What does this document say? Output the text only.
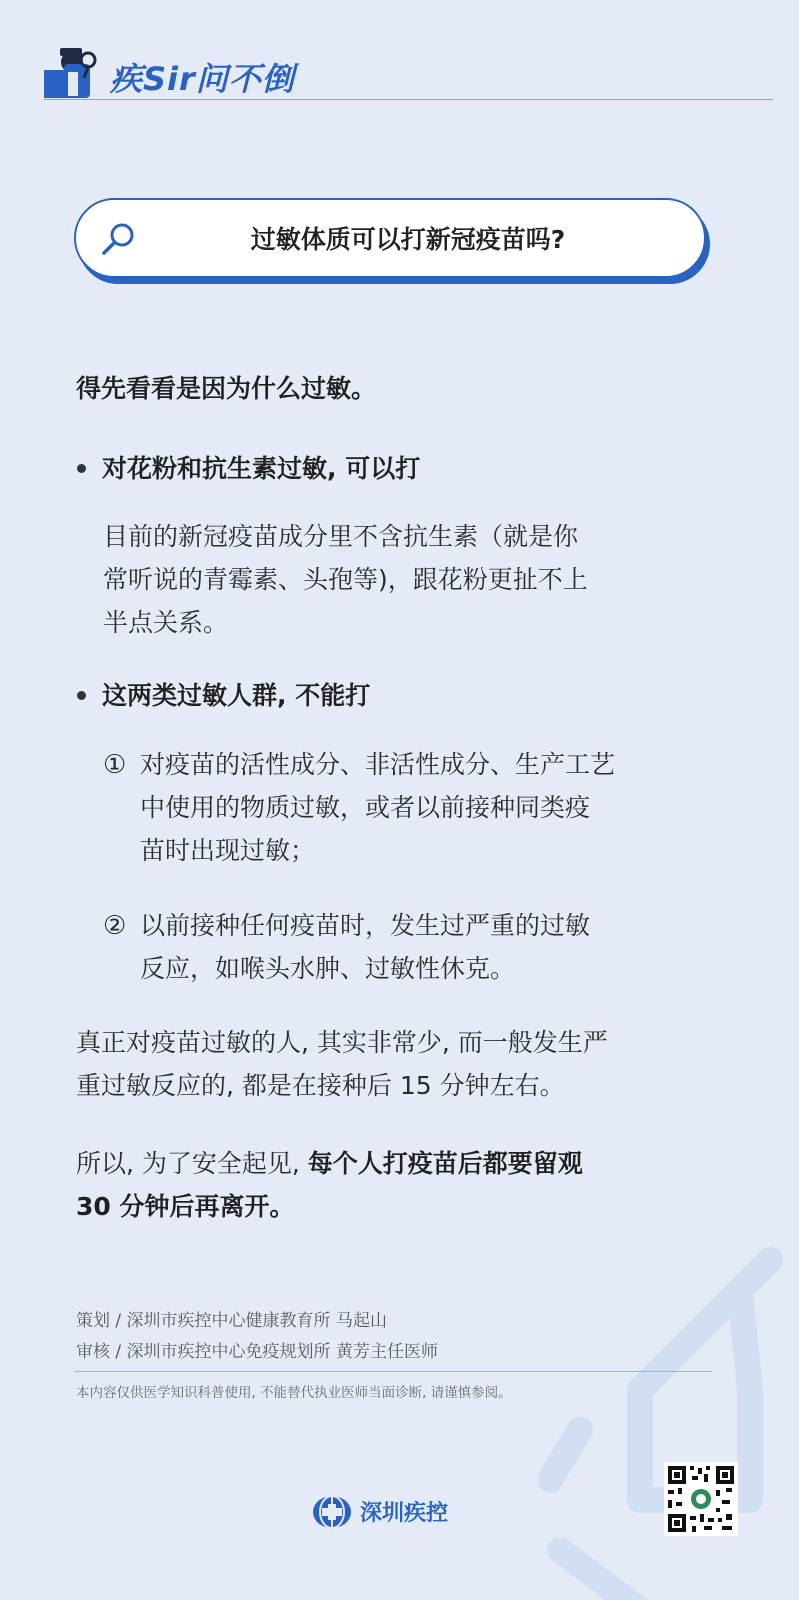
疾Sir问不倒
过敏体质可以打新冠疫苗吗?
得先看看是因为什么过敏。
对花粉和抗生素过敏, 可以打
目前的新冠疫苗成分里不含抗生素（就是你
常听说的青霉素、头孢等)，跟花粉更扯不上
半点关系。
这两类过敏人群, 不能打
① 对疫苗的活性成分、非活性成分、生产工艺
中使用的物质过敏，或者以前接种同类疫
苗时出现过敏；
② 以前接种任何疫苗时，发生过严重的过敏
反应，如喉头水肿、过敏性休克。
真正对疫苗过敏的人, 其实非常少, 而一般发生严
重过敏反应的, 都是在接种后 15 分钟左右。
所以, 为了安全起见, 每个人打疫苗后都要留观
30 分钟后再离开。
策划 / 深圳市疾控中心健康教育所 马起山
审核 / 深圳市疾控中心免疫规划所 黄芳主任医师
本内容仅供医学知识科普使用, 不能替代执业医师当面诊断, 请谨慎参阅。
深圳疾控
